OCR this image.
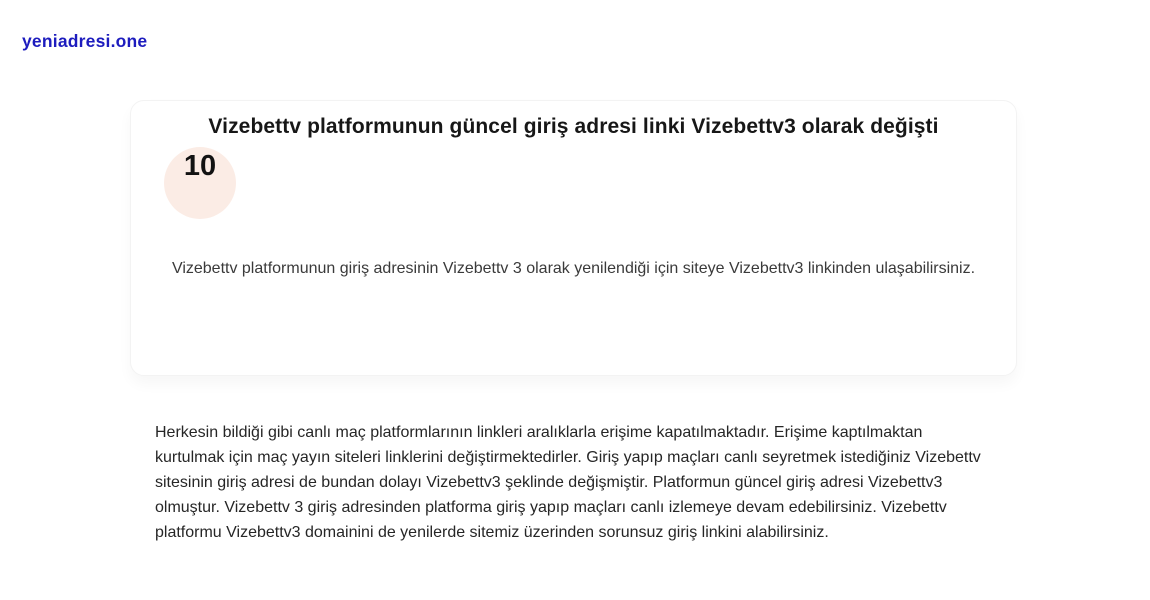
yeniadresi.one
Vizebettv platformunun güncel giriş adresi linki Vizebettv3 olarak değişti
10

Vizebettv platformunun giriş adresinin Vizebettv 3 olarak yenilendiği için siteye Vizebettv3 linkinden ulaşabilirsiniz.

Herkesin bildiği gibi canlı maç platformlarının linkleri aralıklarla erişime kapatılmaktadır. Erişime kaptılmaktan kurtulmak için maç yayın siteleri linklerini değiştirmektedirler. Giriş yapıp maçları canlı seyretmek istediğiniz Vizebettv sitesinin giriş adresi de bundan dolayı Vizebettv3 şeklinde değişmiştir. Platformun güncel giriş adresi Vizebettv3 olmuştur. Vizebettv 3 giriş adresinden platforma giriş yapıp maçları canlı izlemeye devam edebilirsiniz. Vizebettv platformu Vizebettv3 domainini de yenilerde sitemiz üzerinden sorunsuz giriş linkini alabilirsiniz.
